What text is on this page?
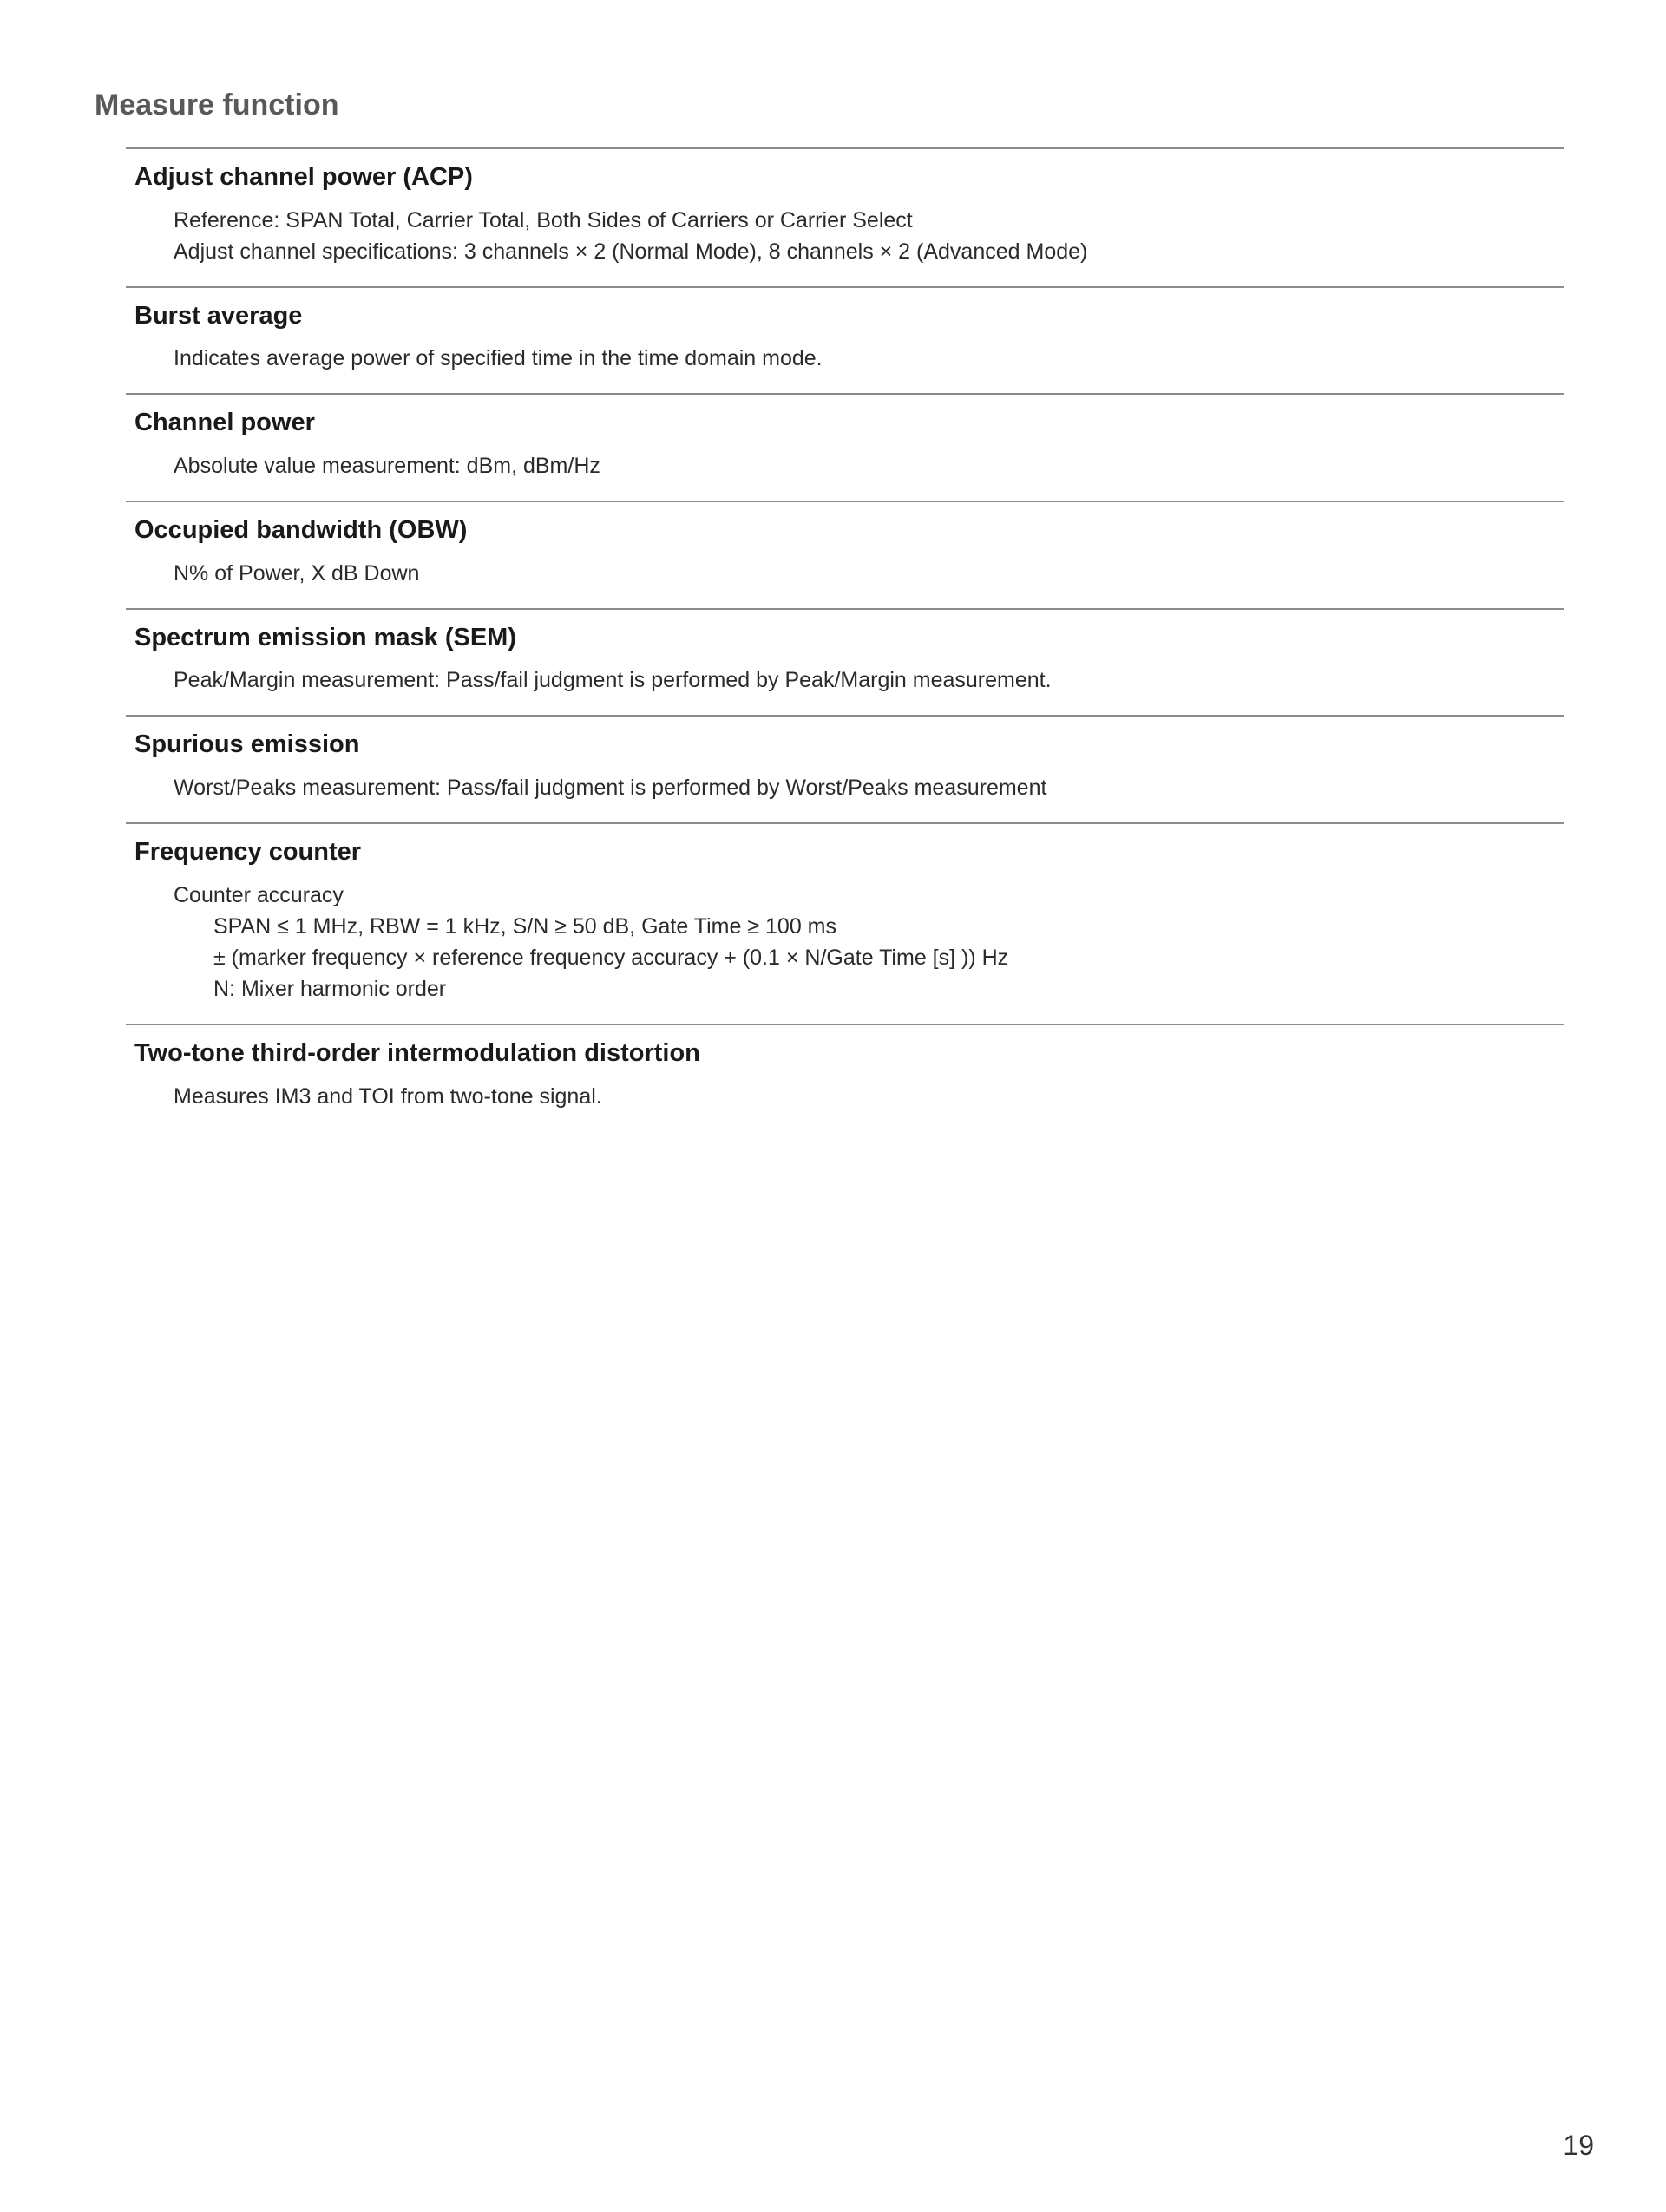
Measure function
Adjust channel power (ACP)

Reference: SPAN Total, Carrier Total, Both Sides of Carriers or Carrier Select

Adjust channel specifications: 3 channels × 2 (Normal Mode), 8 channels × 2 (Advanced Mode)

Burst average

Indicates average power of specified time in the time domain mode.

Channel power

Absolute value measurement: dBm, dBm/Hz

Occupied bandwidth (OBW)

N% of Power, X dB Down

Spectrum emission mask (SEM)

Peak/Margin measurement: Pass/fail judgment is performed by Peak/Margin measurement.

Spurious emission

Worst/Peaks measurement: Pass/fail judgment is performed by Worst/Peaks measurement

Frequency counter

Counter accuracy

SPAN ≤ 1 MHz, RBW = 1 kHz, S/N ≥ 50 dB, Gate Time ≥ 100 ms

± (marker frequency × reference frequency accuracy + (0.1 × N/Gate Time [s] )) Hz

N: Mixer harmonic order

Two-tone third-order intermodulation distortion

Measures IM3 and TOI from two-tone signal.

19
